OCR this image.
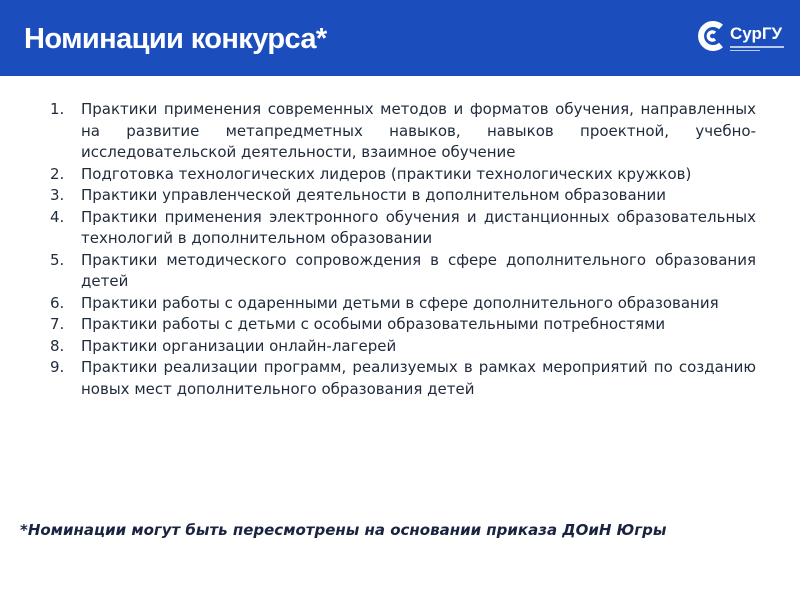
Номинации конкурса*	СурГУ
1. Практики применения современных методов и форматов обучения, направленных на развитие метапредметных навыков, навыков проектной, учебно-исследовательской деятельности, взаимное обучение
2. Подготовка технологических лидеров (практики технологических кружков)
3. Практики управленческой деятельности в дополнительном образовании
4. Практики применения электронного обучения и дистанционных образовательных технологий в дополнительном образовании
5. Практики методического сопровождения в сфере дополнительного образования детей
6. Практики работы с одаренными детьми в сфере дополнительного образования
7. Практики работы с детьми с особыми образовательными потребностями
8. Практики организации онлайн-лагерей
9. Практики реализации программ, реализуемых в рамках мероприятий по созданию новых мест дополнительного образования детей
*Номинации могут быть пересмотрены на основании приказа ДОиН Югры
